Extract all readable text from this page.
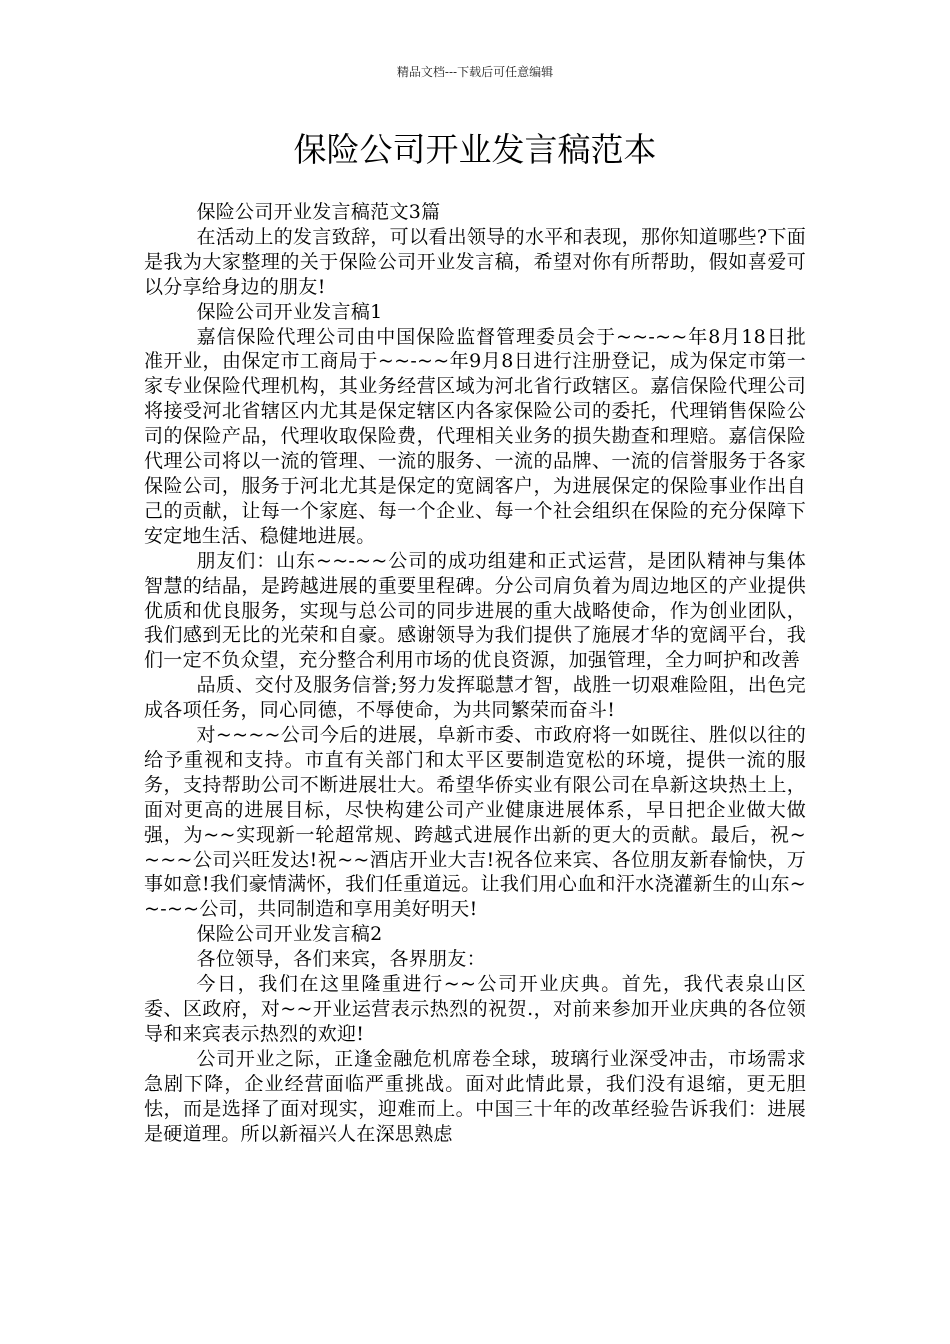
精品文档---下载后可任意编辑
保险公司开业发言稿范本

保险公司开业发言稿范文3篇

在活动上的发言致辞，可以看出领导的水平和表现，那你知道哪些?下面是我为大家整理的关于保险公司开业发言稿，希望对你有所帮助，假如喜爱可以分享给身边的朋友!

保险公司开业发言稿1

嘉信保险代理公司由中国保险监督管理委员会于~~-~~年8月18日批准开业，由保定市工商局于~~-~~年9月8日进行注册登记，成为保定市第一家专业保险代理机构，其业务经营区域为河北省行政辖区。嘉信保险代理公司将接受河北省辖区内尤其是保定辖区内各家保险公司的委托，代理销售保险公司的保险产品，代理收取保险费，代理相关业务的损失勘查和理赔。嘉信保险代理公司将以一流的管理、一流的服务、一流的品牌、一流的信誉服务于各家保险公司，服务于河北尤其是保定的宽阔客户，为进展保定的保险事业作出自己的贡献，让每一个家庭、每一个企业、每一个社会组织在保险的充分保障下安定地生活、稳健地进展。

朋友们：山东~~-~~公司的成功组建和正式运营，是团队精神与集体智慧的结晶，是跨越进展的重要里程碑。分公司肩负着为周边地区的产业提供优质和优良服务，实现与总公司的同步进展的重大战略使命，作为创业团队，我们感到无比的光荣和自豪。感谢领导为我们提供了施展才华的宽阔平台，我们一定不负众望，充分整合利用市场的优良资源，加强管理，全力呵护和改善

品质、交付及服务信誉;努力发挥聪慧才智，战胜一切艰难险阻，出色完成各项任务，同心同德，不辱使命，为共同繁荣而奋斗!

对~~~~公司今后的进展，阜新市委、市政府将一如既往、胜似以往的给予重视和支持。市直有关部门和太平区要制造宽松的环境，提供一流的服务，支持帮助公司不断进展壮大。希望华侨实业有限公司在阜新这块热土上，面对更高的进展目标，尽快构建公司产业健康进展体系，早日把企业做大做强，为~~实现新一轮超常规、跨越式进展作出新的更大的贡献。最后，祝~~~~公司兴旺发达!祝~~酒店开业大吉!祝各位来宾、各位朋友新春愉快，万事如意!我们豪情满怀，我们任重道远。让我们用心血和汗水浇灌新生的山东~~-~~公司，共同制造和享用美好明天!

保险公司开业发言稿2

各位领导，各们来宾，各界朋友：

今日，我们在这里隆重进行~~公司开业庆典。首先，我代表泉山区委、区政府，对~~开业运营表示热烈的祝贺.，对前来参加开业庆典的各位领导和来宾表示热烈的欢迎!

公司开业之际，正逢金融危机席卷全球，玻璃行业深受冲击，市场需求急剧下降，企业经营面临严重挑战。面对此情此景，我们没有退缩，更无胆怯，而是选择了面对现实，迎难而上。中国三十年的改革经验告诉我们：进展是硬道理。所以新福兴人在深思熟虑
